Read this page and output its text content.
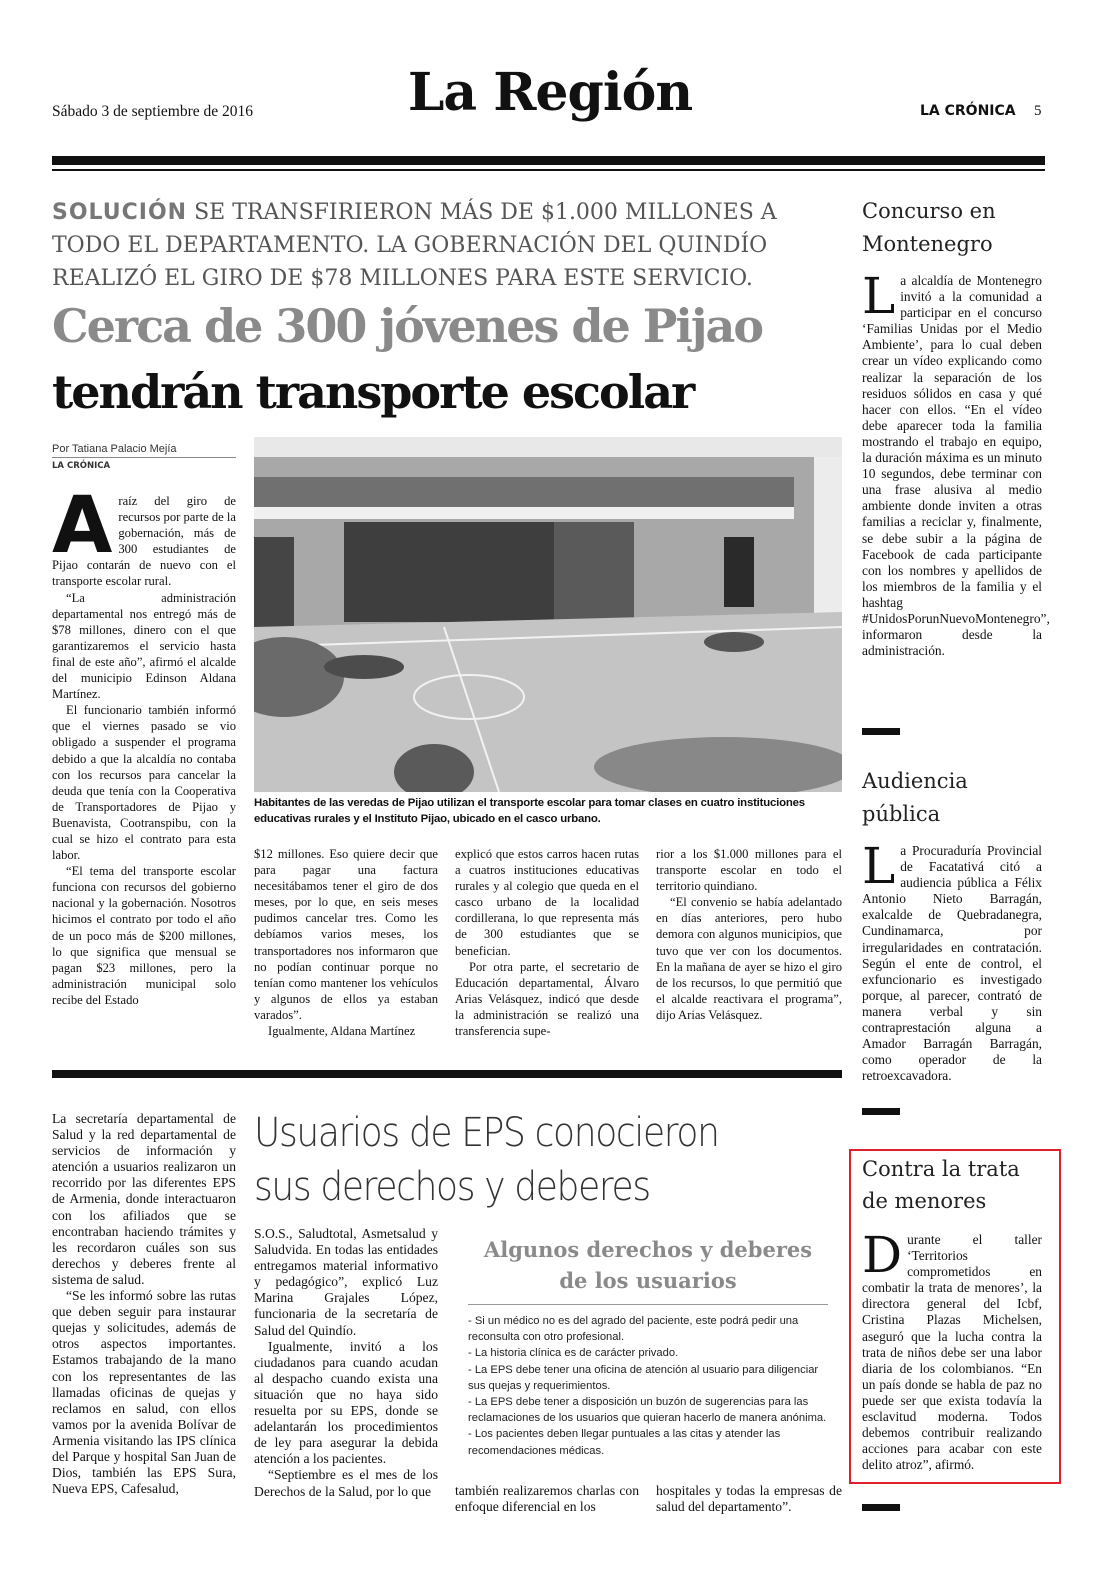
Sábado 3 de septiembre de 2016	La Región	LA CRÓNICA 5
SOLUCIÓN SE TRANSFIRIERON MÁS DE $1.000 MILLONES A TODO EL DEPARTAMENTO. LA GOBERNACIÓN DEL QUINDÍO REALIZÓ EL GIRO DE $78 MILLONES PARA ESTE SERVICIO.
Cerca de 300 jóvenes de Pijao
tendrán transporte escolar
Por Tatiana Palacio Mejía
LA CRÓNICA
Habitantes de las veredas de Pijao utilizan el transporte escolar para tomar clases en cuatro instituciones educativas rurales y el Instituto Pijao, ubicado en el casco urbano.
A raíz del giro de recursos por parte de la gobernación, más de 300 estudiantes de Pijao contarán de nuevo con el transporte escolar rural.

“La administración departamental nos entregó más de $78 millones, dinero con el que garantizaremos el servicio hasta final de este año”, afirmó el alcalde del municipio Edinson Aldana Martínez.

El funcionario también informó que el viernes pasado se vio obligado a suspender el programa debido a que la alcaldía no contaba con los recursos para cancelar la deuda que tenía con la Cooperativa de Transportadores de Pijao y Buenavista, Cootranspibu, con la cual se hizo el contrato para esta labor.

“El tema del transporte escolar funciona con recursos del gobierno nacional y la gobernación. Nosotros hicimos el contrato por todo el año de un poco más de $200 millones, lo que significa que mensual se pagan $23 millones, pero la administración municipal solo recibe del Estado

$12 millones. Eso quiere decir que para pagar una factura necesitábamos tener el giro de dos meses, por lo que, en seis meses pudimos cancelar tres. Como les debíamos varios meses, los transportadores nos informaron que no podían continuar porque no tenían como mantener los vehículos y algunos de ellos ya estaban varados”.

Igualmente, Aldana Martínez

explicó que estos carros hacen rutas a cuatros instituciones educativas rurales y al colegio que queda en el casco urbano de la localidad cordillerana, lo que representa más de 300 estudiantes que se benefician.

Por otra parte, el secretario de Educación departamental, Álvaro Arias Velásquez, indicó que desde la administración se realizó una transferencia supe-

rior a los $1.000 millones para el transporte escolar en todo el territorio quindiano.

“El convenio se había adelantado en días anteriores, pero hubo demora con algunos municipios, que tuvo que ver con los documentos. En la mañana de ayer se hizo el giro de los recursos, lo que permitió que el alcalde reactivara el programa”, dijo Arias Velásquez.

Concurso en Montenegro
L a alcaldía de Montenegro invitó a la comunidad a participar en el concurso ‘Familias Unidas por el Medio Ambiente’, para lo cual deben crear un vídeo explicando como realizar la separación de los residuos sólidos en casa y qué hacer con ellos. “En el vídeo debe aparecer toda la familia mostrando el trabajo en equipo, la duración máxima es un minuto 10 segundos, debe terminar con una frase alusiva al medio ambiente donde inviten a otras familias a reciclar y, finalmente, se debe subir a la página de Facebook de cada participante con los nombres y apellidos de los miembros de la familia y el hashtag #UnidosPorunNuevoMontenegro”, informaron desde la administración.

Audiencia pública
L a Procuraduría Provincial de Facatativá citó a audiencia pública a Félix Antonio Nieto Barragán, exalcalde de Quebradanegra, Cundinamarca, por irregularidades en contratación. Según el ente de control, el exfuncionario es investigado porque, al parecer, contrató de manera verbal y sin contraprestación alguna a Amador Barragán Barragán, como operador de la retroexcavadora.

Contra la trata de menores
D urante el taller ‘Territorios comprometidos en combatir la trata de menores’, la directora general del Icbf, Cristina Plazas Michelsen, aseguró que la lucha contra la trata de niños debe ser una labor diaria de los colombianos. “En un país donde se habla de paz no puede ser que exista todavía la esclavitud moderna. Todos debemos contribuir realizando acciones para acabar con este delito atroz”, afirmó.

Usuarios de EPS conocieron
sus derechos y deberes

La secretaría departamental de Salud y la red departamental de servicios de información y atención a usuarios realizaron un recorrido por las diferentes EPS de Armenia, donde interactuaron con los afiliados que se encontraban haciendo trámites y les recordaron cuáles son sus derechos y deberes frente al sistema de salud.

“Se les informó sobre las rutas que deben seguir para instaurar quejas y solicitudes, además de otros aspectos importantes. Estamos trabajando de la mano con los representantes de las llamadas oficinas de quejas y reclamos en salud, con ellos vamos por la avenida Bolívar de Armenia visitando las IPS clínica del Parque y hospital San Juan de Dios, también las EPS Sura, Nueva EPS, Cafesalud,

S.O.S., Saludtotal, Asmetsalud y Saludvida. En todas las entidades entregamos material informativo y pedagógico”, explicó Luz Marina Grajales López, funcionaria de la secretaría de Salud del Quindío.

Igualmente, invitó a los ciudadanos para cuando acudan al despacho cuando exista una situación que no haya sido resuelta por su EPS, donde se adelantarán los procedimientos de ley para asegurar la debida atención a los pacientes.

“Septiembre es el mes de los Derechos de la Salud, por lo que

Algunos derechos y deberes de los usuarios
- Si un médico no es del agrado del paciente, este podrá pedir una reconsulta con otro profesional.
- La historia clínica es de carácter privado.
- La EPS debe tener una oficina de atención al usuario para diligenciar sus quejas y requerimientos.
- La EPS debe tener a disposición un buzón de sugerencias para las reclamaciones de los usuarios que quieran hacerlo de manera anónima.
- Los pacientes deben llegar puntuales a las citas y atender las recomendaciones médicas.

también realizaremos charlas con enfoque diferencial en los

hospitales y todas la empresas de salud del departamento”.
